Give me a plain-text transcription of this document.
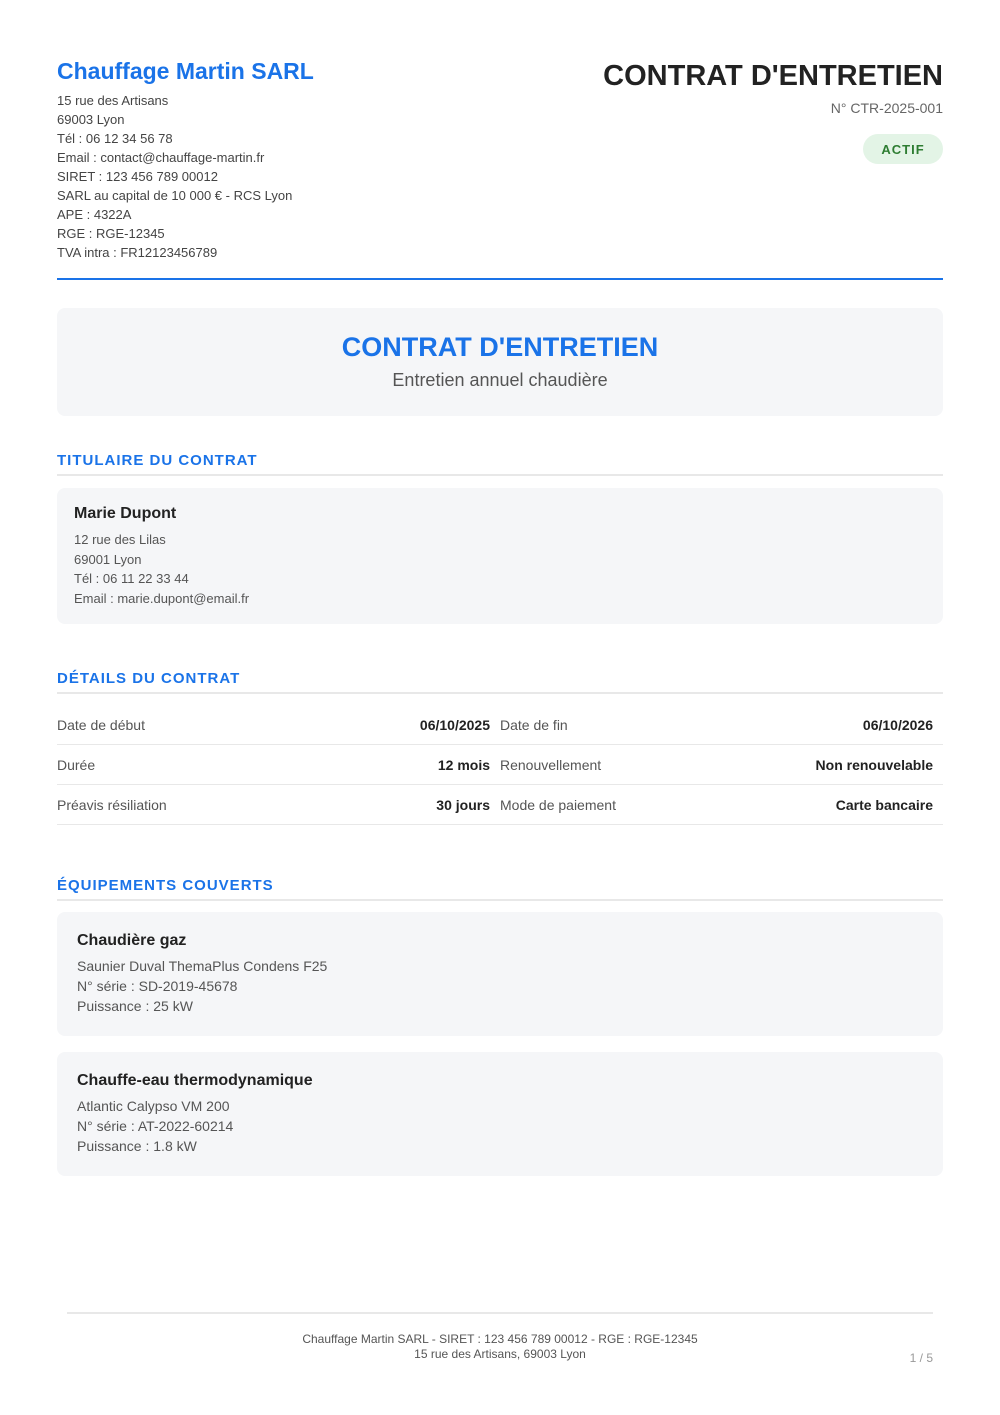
Chauffage Martin SARL
15 rue des Artisans
69003 Lyon
Tél : 06 12 34 56 78
Email : contact@chauffage-martin.fr
SIRET : 123 456 789 00012
SARL au capital de 10 000 € - RCS Lyon
APE : 4322A
RGE : RGE-12345
TVA intra : FR12123456789
CONTRAT D'ENTRETIEN
N° CTR-2025-001
ACTIF
CONTRAT D'ENTRETIEN
Entretien annuel chaudière
TITULAIRE DU CONTRAT
Marie Dupont
12 rue des Lilas
69001 Lyon
Tél : 06 11 22 33 44
Email : marie.dupont@email.fr
DÉTAILS DU CONTRAT
Date de début	06/10/2025 Date de fin	06/10/2026
Durée	12 mois Renouvellement	Non renouvelable
Préavis résiliation	30 jours Mode de paiement	Carte bancaire
ÉQUIPEMENTS COUVERTS
Chaudière gaz
Saunier Duval ThemaPlus Condens F25
N° série : SD-2019-45678
Puissance : 25 kW
Chauffe-eau thermodynamique
Atlantic Calypso VM 200
N° série : AT-2022-60214
Puissance : 1.8 kW
Chauffage Martin SARL - SIRET : 123 456 789 00012 - RGE : RGE-12345
15 rue des Artisans, 69003 Lyon	1 / 5
